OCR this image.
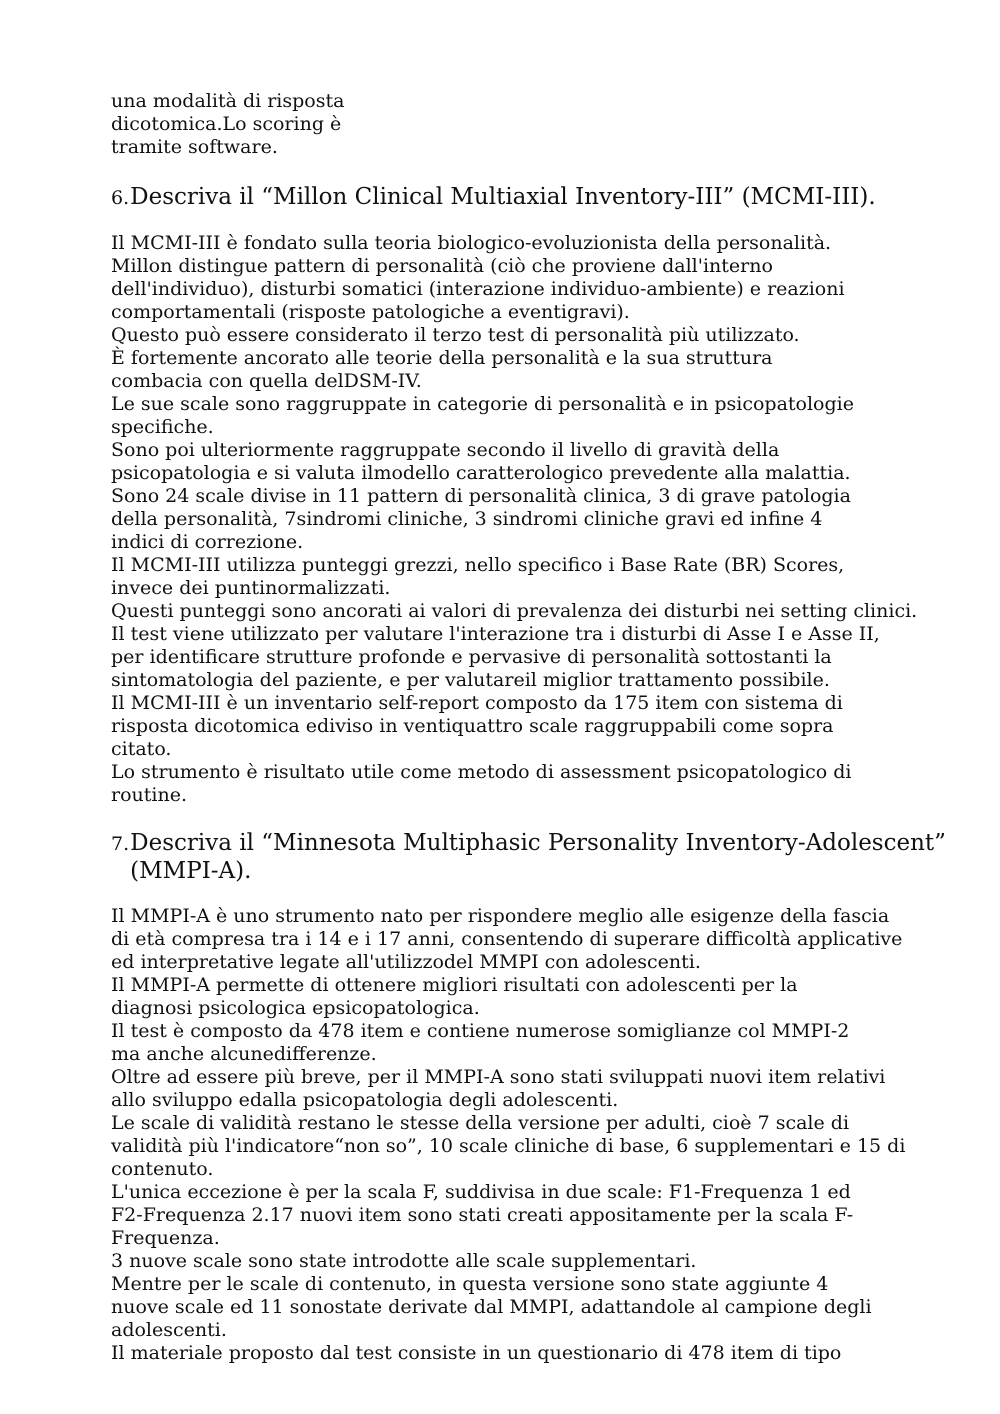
una modalità di risposta
dicotomica.Lo scoring è
tramite software.
6. Descriva il “Millon Clinical Multiaxial Inventory-III” (MCMI-III).
Il MCMI-III è fondato sulla teoria biologico-evoluzionista della personalità.
Millon distingue pattern di personalità (ciò che proviene dall'interno
dell'individuo), disturbi somatici (interazione individuo-ambiente) e reazioni
comportamentali (risposte patologiche a eventigravi).
Questo può essere considerato il terzo test di personalità più utilizzato.
È fortemente ancorato alle teorie della personalità e la sua struttura
combacia con quella delDSM-IV.
Le sue scale sono raggruppate in categorie di personalità e in psicopatologie
specifiche.
Sono poi ulteriormente raggruppate secondo il livello di gravità della
psicopatologia e si valuta ilmodello caratterologico prevedente alla malattia.
Sono 24 scale divise in 11 pattern di personalità clinica, 3 di grave patologia
della personalità, 7sindromi cliniche, 3 sindromi cliniche gravi ed infine 4
indici di correzione.
Il MCMI-III utilizza punteggi grezzi, nello specifico i Base Rate (BR) Scores,
invece dei puntinormalizzati.
Questi punteggi sono ancorati ai valori di prevalenza dei disturbi nei setting clinici.
Il test viene utilizzato per valutare l'interazione tra i disturbi di Asse I e Asse II,
per identificare strutture profonde e pervasive di personalità sottostanti la
sintomatologia del paziente, e per valutareil miglior trattamento possibile.
Il MCMI-III è un inventario self-report composto da 175 item con sistema di
risposta dicotomica ediviso in ventiquattro scale raggruppabili come sopra
citato.
Lo strumento è risultato utile come metodo di assessment psicopatologico di
routine.
7. Descriva il “Minnesota Multiphasic Personality Inventory-Adolescent”
(MMPI-A).
Il MMPI-A è uno strumento nato per rispondere meglio alle esigenze della fascia
di età compresa tra i 14 e i 17 anni, consentendo di superare difficoltà applicative
ed interpretative legate all'utilizzodel MMPI con adolescenti.
Il MMPI-A permette di ottenere migliori risultati con adolescenti per la
diagnosi psicologica epsicopatologica.
Il test è composto da 478 item e contiene numerose somiglianze col MMPI-2
ma anche alcunedifferenze.
Oltre ad essere più breve, per il MMPI-A sono stati sviluppati nuovi item relativi
allo sviluppo edalla psicopatologia degli adolescenti.
Le scale di validità restano le stesse della versione per adulti, cioè 7 scale di
validità più l'indicatore“non so”, 10 scale cliniche di base, 6 supplementari e 15 di
contenuto.
L'unica eccezione è per la scala F, suddivisa in due scale: F1-Frequenza 1 ed
F2-Frequenza 2.17 nuovi item sono stati creati appositamente per la scala F-
Frequenza.
3 nuove scale sono state introdotte alle scale supplementari.
Mentre per le scale di contenuto, in questa versione sono state aggiunte 4
nuove scale ed 11 sonostate derivate dal MMPI, adattandole al campione degli
adolescenti.
Il materiale proposto dal test consiste in un questionario di 478 item di tipo
